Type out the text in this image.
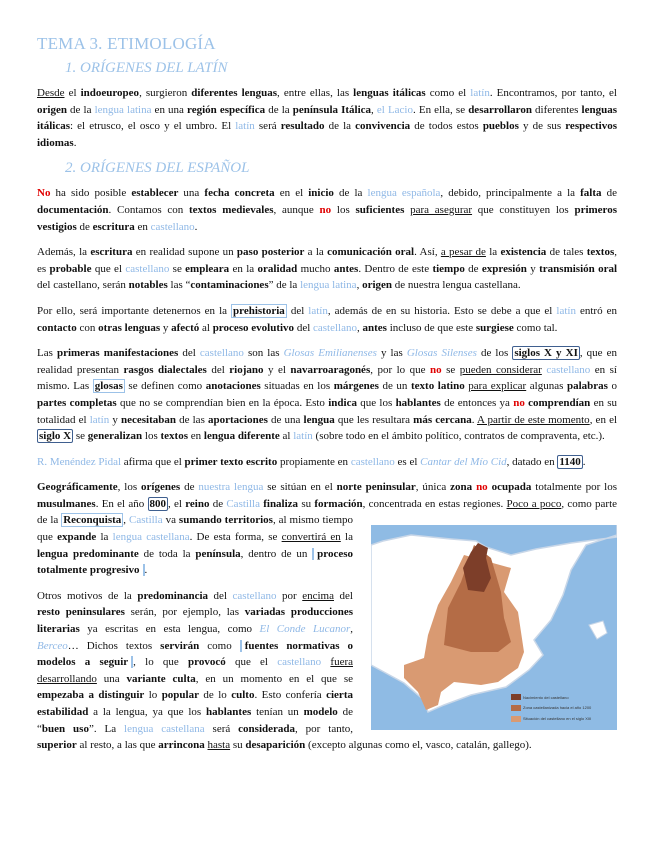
TEMA 3. ETIMOLOGÍA
1. ORÍGENES DEL LATÍN

Desde el indoeuropeo, surgieron diferentes lenguas, entre ellas, las lenguas itálicas como el latín. Encontramos, por tanto, el origen de la lengua latina en una región específica de la península Itálica, el Lacio. En ella, se desarrollaron diferentes lenguas itálicas: el etrusco, el osco y el umbro. El latín será resultado de la convivencia de todos estos pueblos y de sus respectivos idiomas.

2. ORÍGENES DEL ESPAÑOL

No ha sido posible establecer una fecha concreta en el inicio de la lengua española, debido, principalmente a la falta de documentación. Contamos con textos medievales, aunque no los suficientes para asegurar que constituyen los primeros vestigios de escritura en castellano.

Además, la escritura en realidad supone un paso posterior a la comunicación oral. Así, a pesar de la existencia de tales textos, es probable que el castellano se empleara en la oralidad mucho antes. Dentro de este tiempo de expresión y transmisión oral del castellano, serán notables las “contaminaciones” de la lengua latina, origen de nuestra lengua castellana.

Por ello, será importante detenernos en la prehistoria del latín, además de en su historia. Esto se debe a que el latín entró en contacto con otras lenguas y afectó al proceso evolutivo del castellano, antes incluso de que este surgiese como tal.

Las primeras manifestaciones del castellano son las Glosas Emilianenses y las Glosas Silenses de los siglos X y XI , que en realidad presentan rasgos dialectales del riojano y el navarroaragonés, por lo que no se pueden considerar castellano en sí mismo. Las glosas se definen como anotaciones situadas en los márgenes de un texto latino para explicar algunas palabras o partes completas que no se comprendían bien en la época. Esto indica que los hablantes de entonces ya no comprendían en su totalidad el latín y necesitaban de las aportaciones de una lengua que les resultara más cercana. A partir de este momento, en el siglo X se generalizan los textos en lengua diferente al latín (sobre todo en el ámbito político, contratos de compraventa, etc.).

R. Menéndez Pidal afirma que el primer texto escrito propiamente en castellano es el Cantar del Mío Cid, datado en 1140 .

Nacimiento del castellano
Zona castellanizada hacia el año 1200
Situación del castellano en el siglo XIII
Geográficamente, los orígenes de nuestra lengua se sitúan en el norte peninsular, única zona no ocupada totalmente por los musulmanes. En el año 800 , el reino de Castilla finaliza su formación, concentrada en estas regiones. Poco a poco, como parte de la Reconquista , Castilla va sumando territorios, al mismo tiempo que expande la lengua castellana. De esta forma, se convertirá en la lengua predominante de toda la península, dentro de un proceso totalmente progresivo .

Otros motivos de la predominancia del castellano por encima del resto peninsulares serán, por ejemplo, las variadas producciones literarias ya escritas en esta lengua, como El Conde Lucanor, Berceo… Dichos textos servirán como fuentes normativas o modelos a seguir , lo que provocó que el castellano fuera desarrollando una variante culta, en un momento en el que se empezaba a distinguir lo popular de lo culto. Esto confería cierta estabilidad a la lengua, ya que los hablantes tenían un modelo de “buen uso”. La lengua castellana será considerada, por tanto, superior al resto, a las que arrincona hasta su desaparición (excepto algunas como el, vasco, catalán, gallego).
